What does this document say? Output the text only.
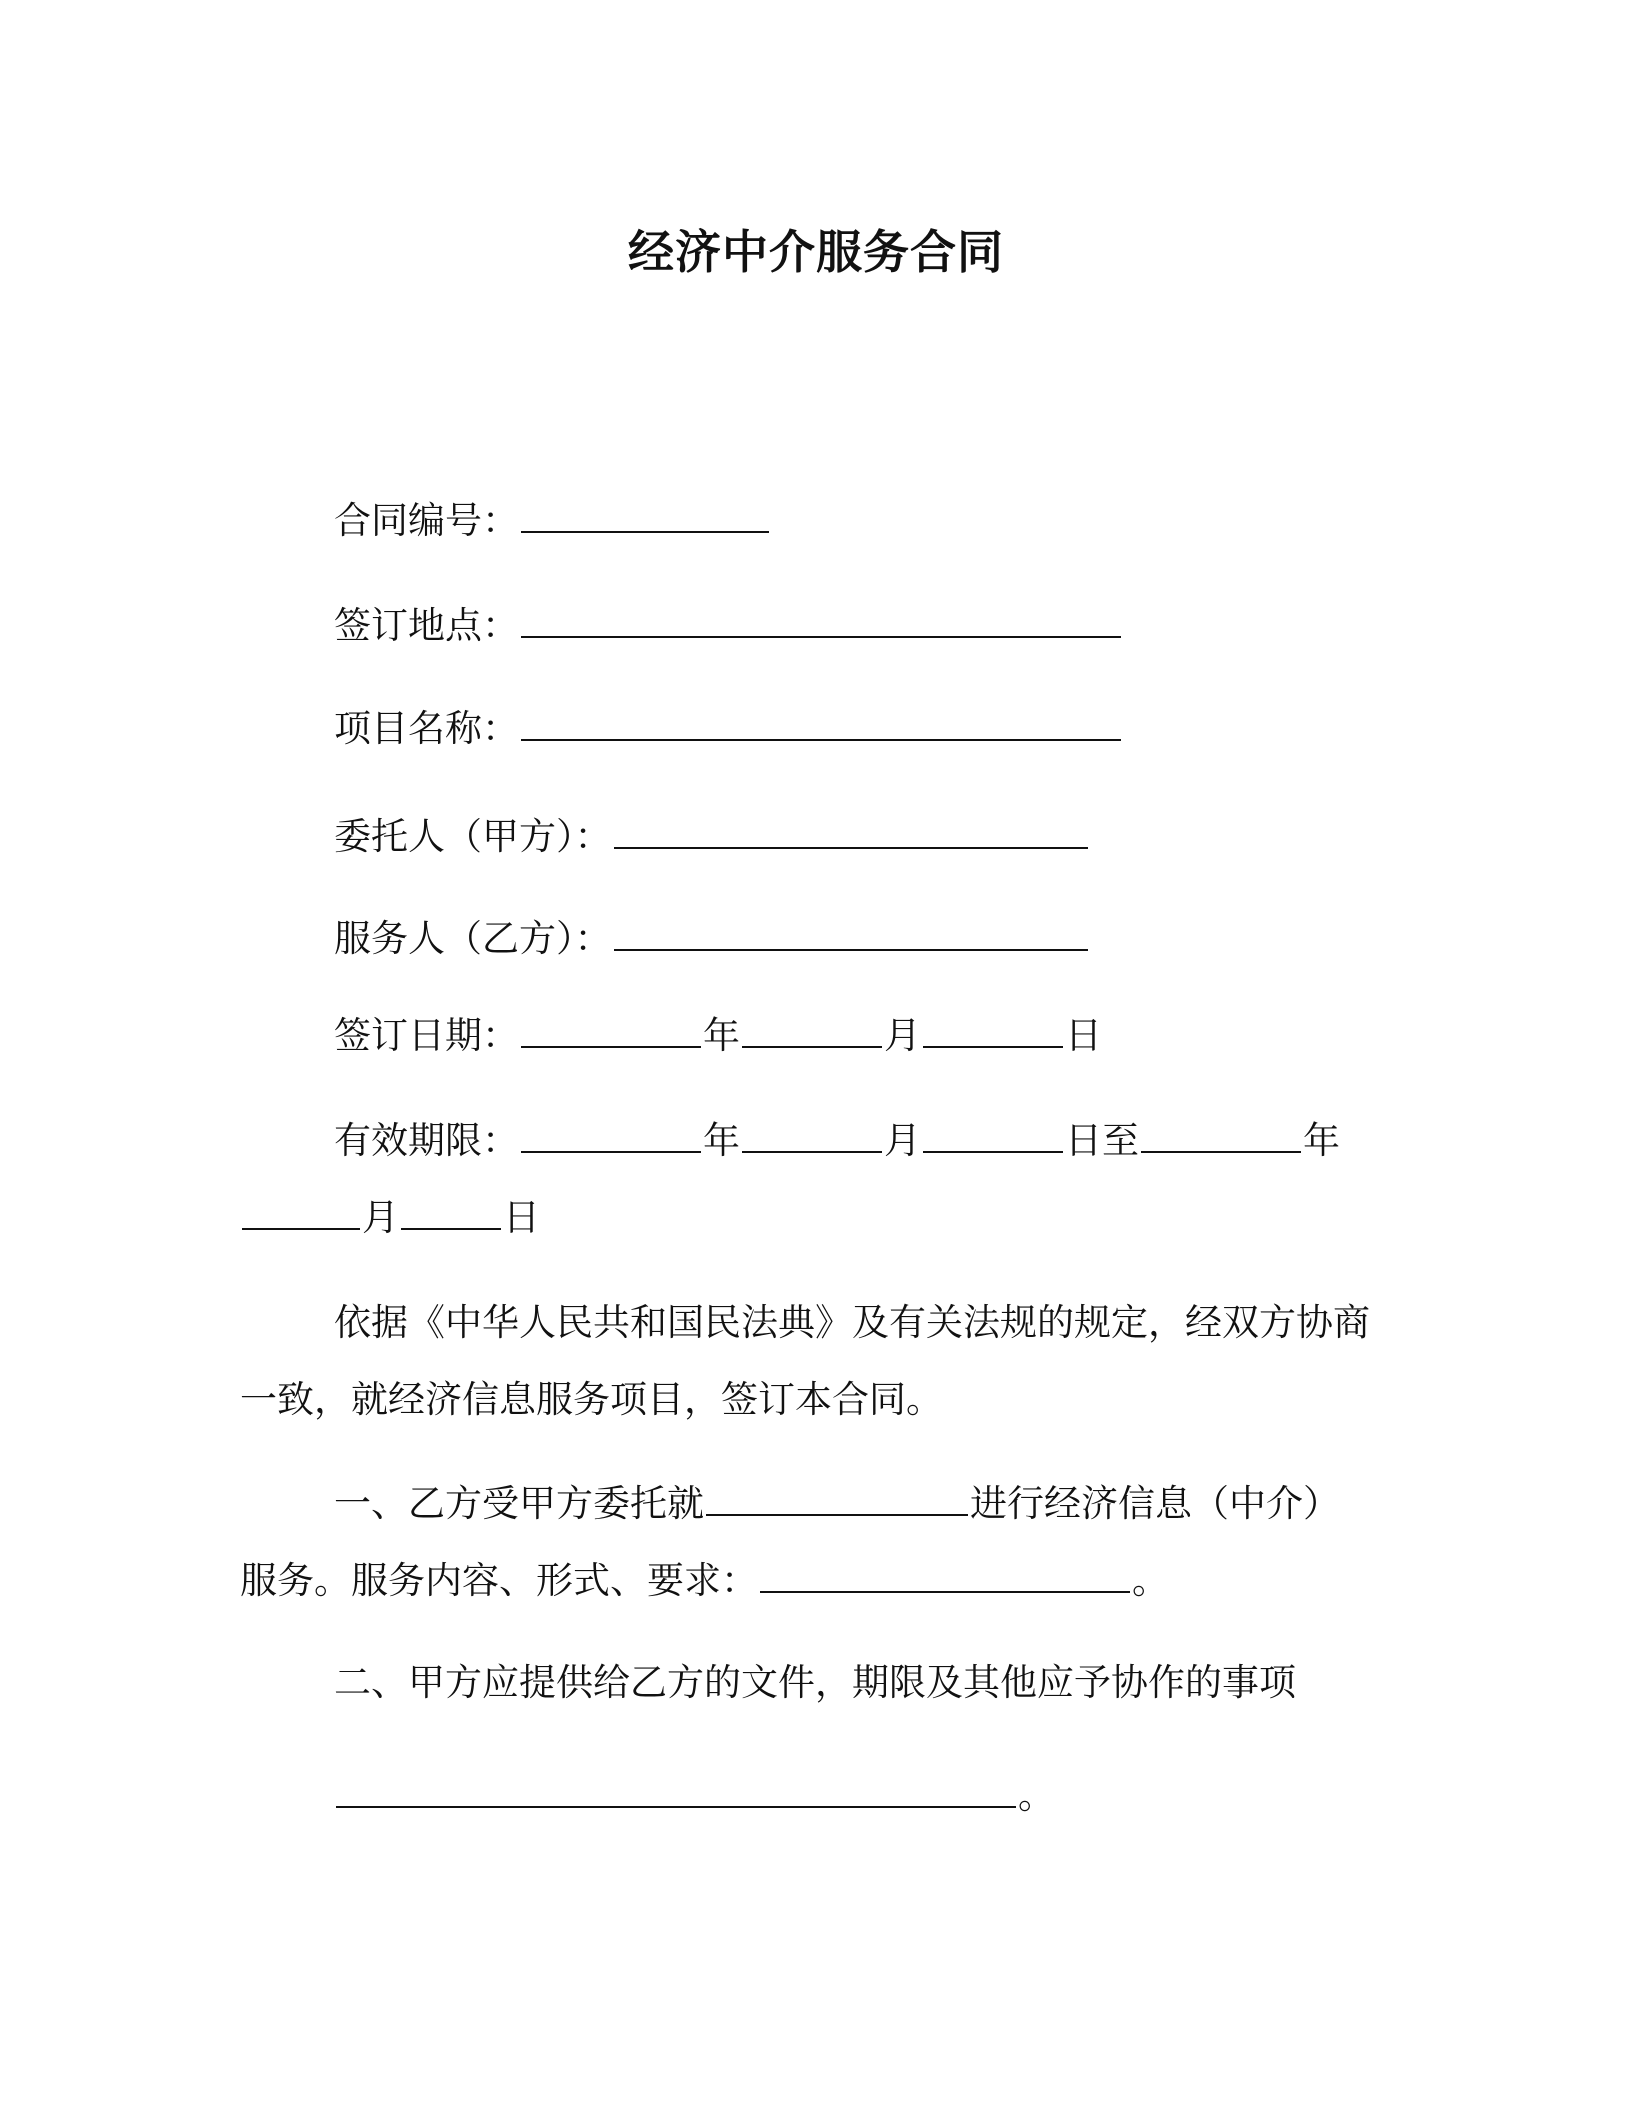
经济中介服务合同
合同编号：
签订地点：
项目名称：
委托人（甲方）：
服务人（乙方）：
签订日期：	年	月	日
有效期限：	年	月	日至	年
月	日
依据《中华人民共和国民法典》及有关法规的规定，经双方协商
一致，就经济信息服务项目，签订本合同。
一、乙方受甲方委托就	进行经济信息（中介）
服务。服务内容、形式、要求：	。
二、甲方应提供给乙方的文件，期限及其他应予协作的事项
。
